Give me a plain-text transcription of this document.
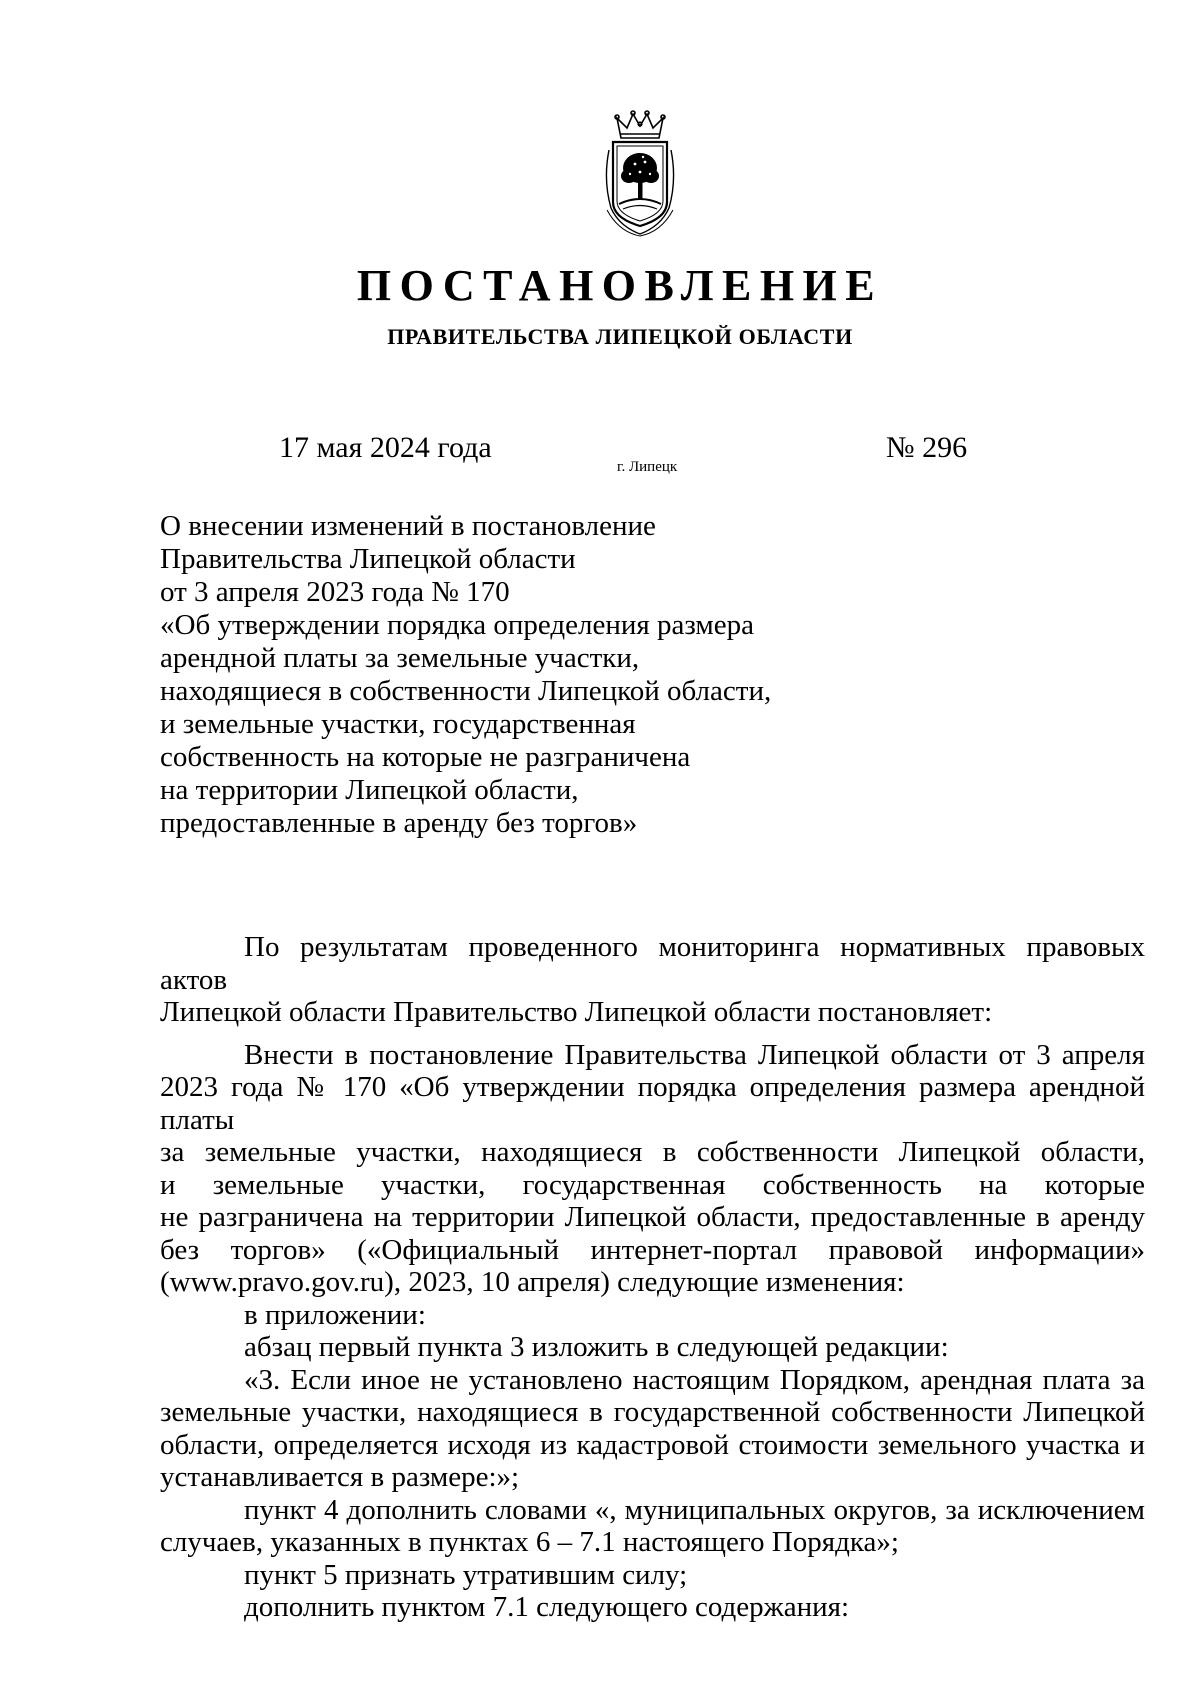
ПОСТАНОВЛЕНИЕ
ПРАВИТЕЛЬСТВА ЛИПЕЦКОЙ ОБЛАСТИ
17 мая 2024 года
г. Липецк
№ 296
О внесении изменений в постановление
Правительства Липецкой области
от 3 апреля 2023 года № 170
«Об утверждении порядка определения размера
арендной платы за земельные участки,
находящиеся в собственности Липецкой области,
и земельные участки, государственная
собственность на которые не разграничена
на территории Липецкой области,
предоставленные в аренду без торгов»
По результатам проведенного мониторинга нормативных правовых актов
Липецкой области Правительство Липецкой области постановляет:
Внести в постановление Правительства Липецкой области от 3 апреля
2023 года № 170 «Об утверждении порядка определения размера арендной платы
за земельные участки, находящиеся в собственности Липецкой области,
и земельные участки, государственная собственность на которые
не разграничена на территории Липецкой области, предоставленные в аренду
без торгов» («Официальный интернет-портал правовой информации»
(www.pravo.gov.ru), 2023, 10 апреля) следующие изменения:
в приложении:
абзац первый пункта 3 изложить в следующей редакции:
«3. Если иное не установлено настоящим Порядком, арендная плата за
земельные участки, находящиеся в государственной собственности Липецкой
области, определяется исходя из кадастровой стоимости земельного участка и
устанавливается в размере:»;
пункт 4 дополнить словами «, муниципальных округов, за исключением
случаев, указанных в пунктах 6 – 7.1 настоящего Порядка»;
пункт 5 признать утратившим силу;
дополнить пунктом 7.1 следующего содержания:
